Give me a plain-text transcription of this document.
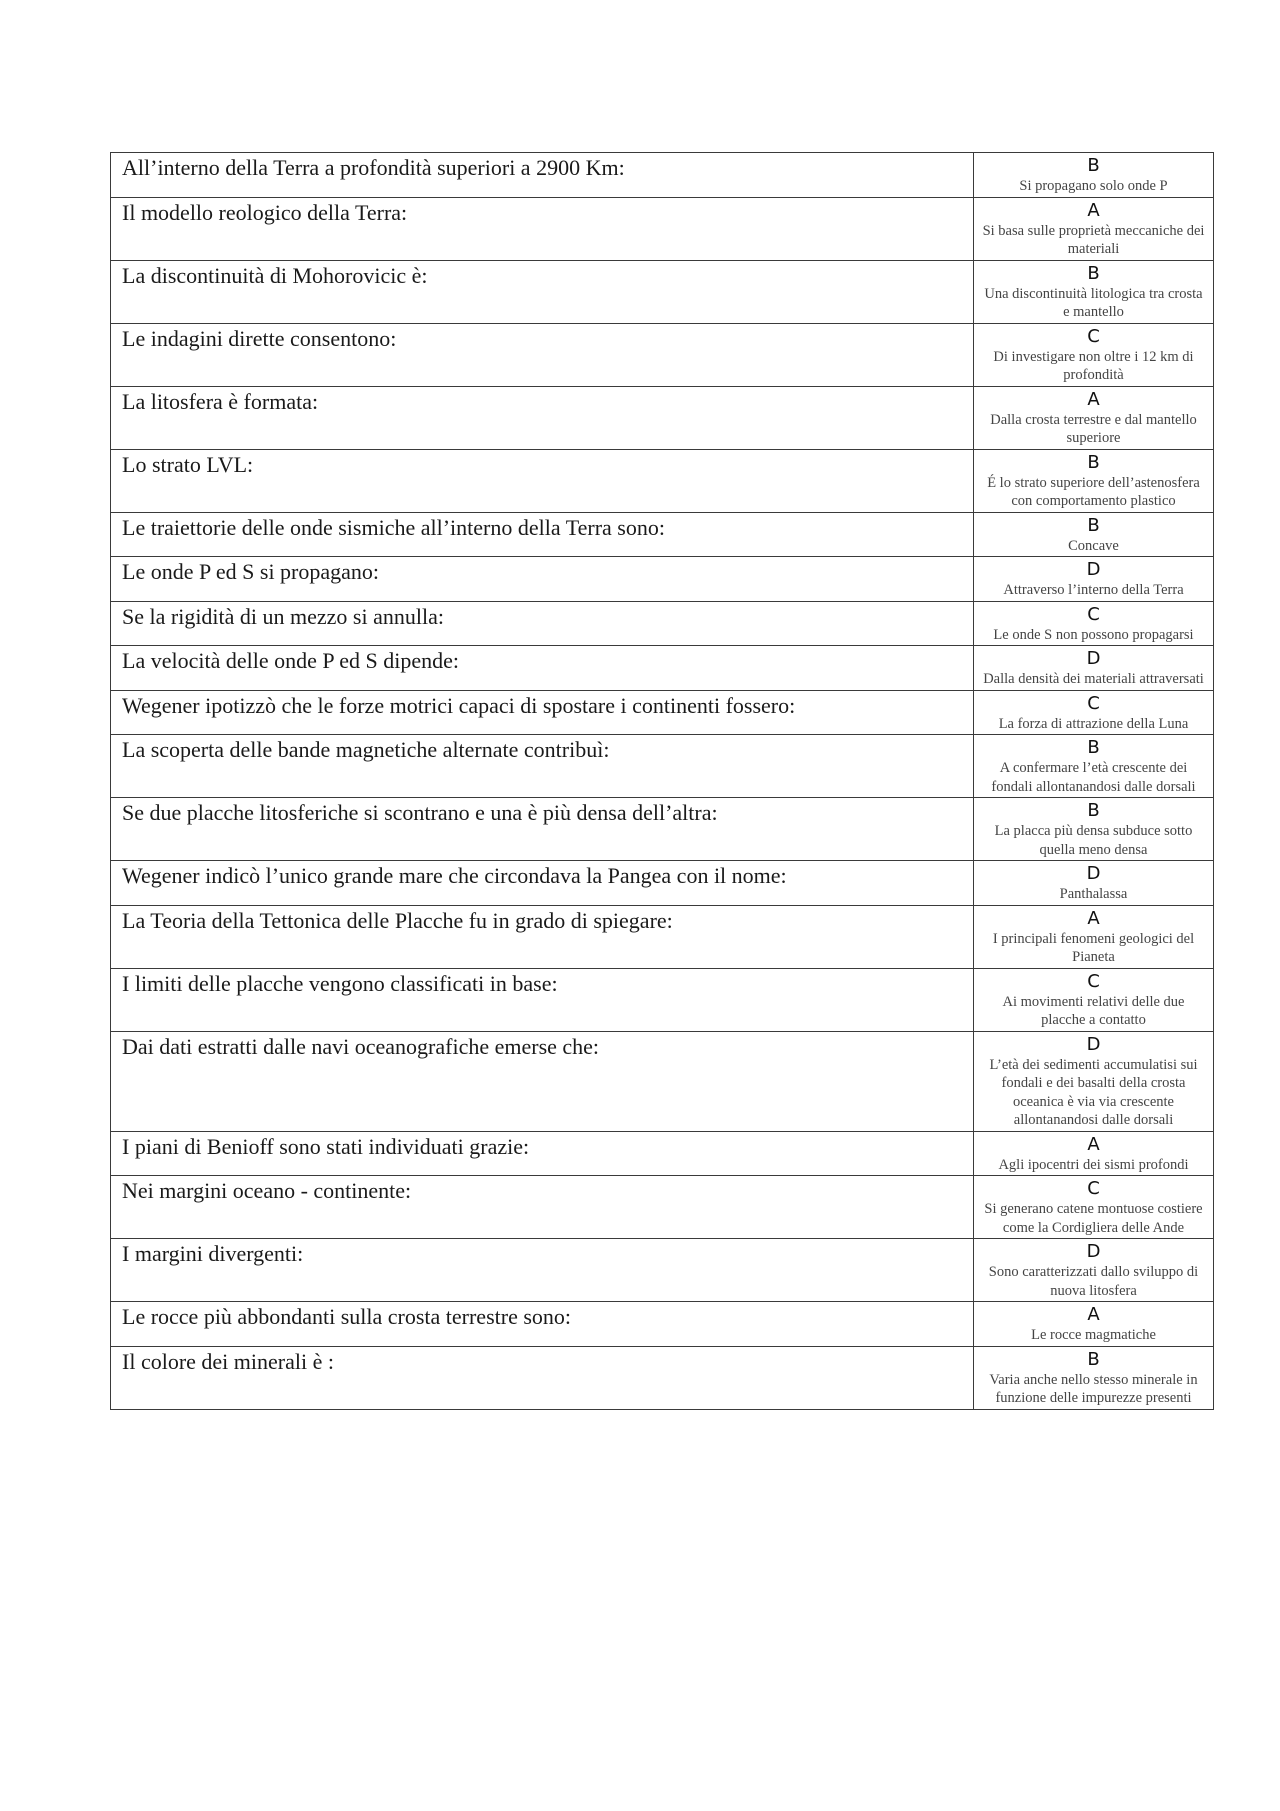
All’interno della Terra a profondità superiori a 2900 Km:	B
Si propagano solo onde P

Il modello reologico della Terra:	A
Si basa sulle proprietà meccaniche dei materiali

La discontinuità di Mohorovicic è:	B
Una discontinuità litologica tra crosta e mantello

Le indagini dirette consentono:	C
Di investigare non oltre i 12 km di profondità

La litosfera è formata:	A
Dalla crosta terrestre e dal mantello superiore

Lo strato LVL:	B
É lo strato superiore dell’astenosfera con comportamento plastico

Le traiettorie delle onde sismiche all’interno della Terra sono:	B
Concave

Le onde P ed S si propagano:	D
Attraverso l’interno della Terra

Se la rigidità di un mezzo si annulla:	C
Le onde S non possono propagarsi

La velocità delle onde P ed S dipende:	D
Dalla densità dei materiali attraversati

Wegener ipotizzò che le forze motrici capaci di spostare i continenti fossero:	C
La forza di attrazione della Luna

La scoperta delle bande magnetiche alternate contribuì:	B
A confermare l’età crescente dei fondali allontanandosi dalle dorsali

Se due placche litosferiche si scontrano e una è più densa dell’altra:	B
La placca più densa subduce sotto quella meno densa

Wegener indicò l’unico grande mare che circondava la Pangea con il nome:	D
Panthalassa

La Teoria della Tettonica delle Placche fu in grado di spiegare:	A
I principali fenomeni geologici del Pianeta

I limiti delle placche vengono classificati in base:	C
Ai movimenti relativi delle due placche a contatto

Dai dati estratti dalle navi oceanografiche emerse che:	D
L’età dei sedimenti accumulatisi sui fondali e dei basalti della crosta oceanica è via via crescente allontanandosi dalle dorsali

I piani di Benioff sono stati individuati grazie:	A
Agli ipocentri dei sismi profondi

Nei margini oceano - continente:	C
Si generano catene montuose costiere come la Cordigliera delle Ande

I margini divergenti:	D
Sono caratterizzati dallo sviluppo di nuova litosfera

Le rocce più abbondanti sulla crosta terrestre sono:	A
Le rocce magmatiche

Il colore dei minerali è :	B
Varia anche nello stesso minerale in funzione delle impurezze presenti
